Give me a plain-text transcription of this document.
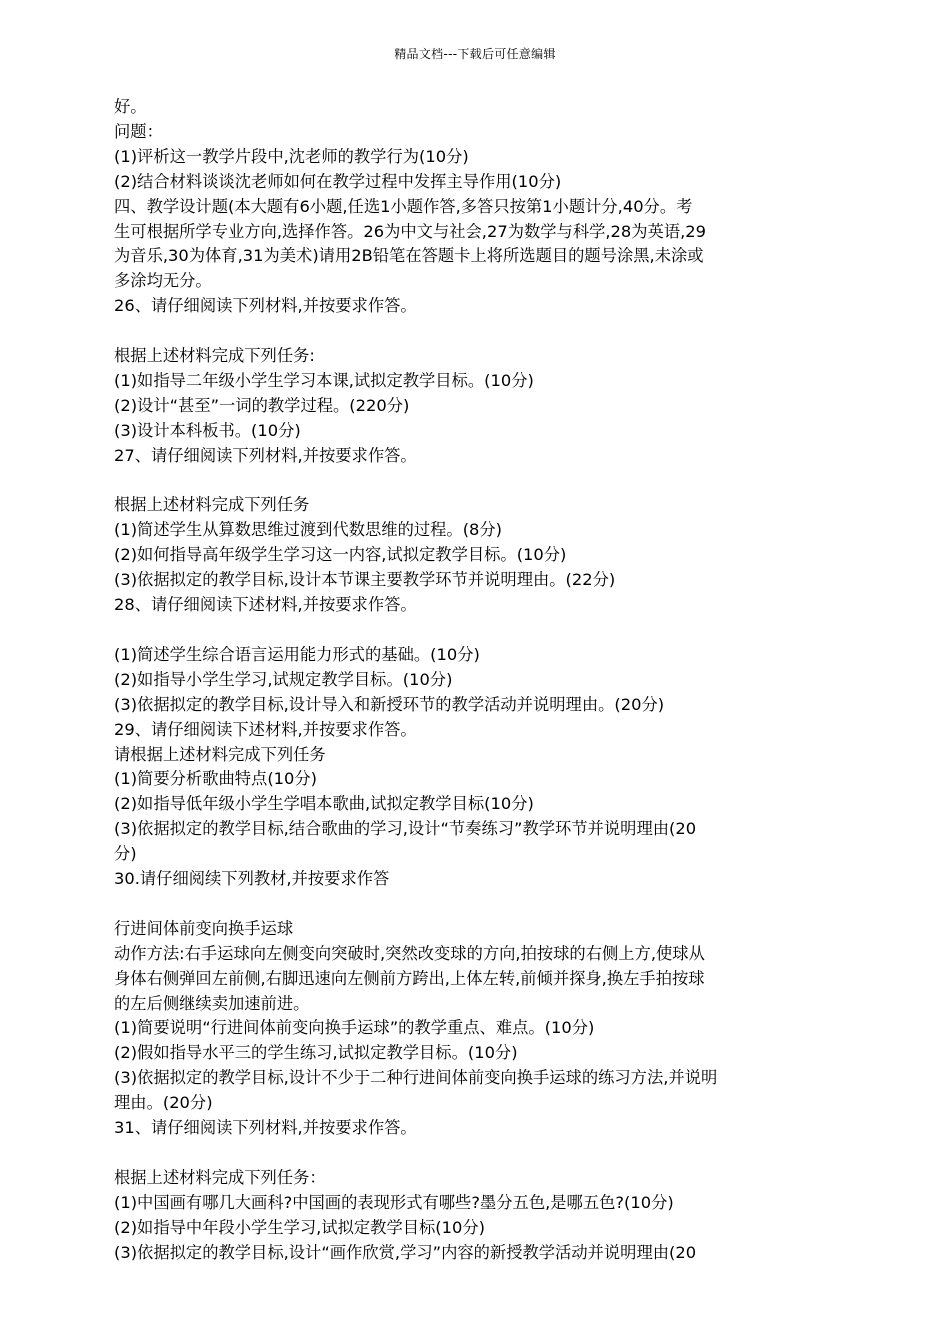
精品文档---下载后可任意编辑
好。
问题：
(1)评析这一教学片段中,沈老师的教学行为(10分)
(2)结合材料谈谈沈老师如何在教学过程中发挥主导作用(10分)
四、教学设计题(本大题有6小题,任选1小题作答,多答只按第1小题计分,40分。考
生可根据所学专业方向,选择作答。26为中文与社会,27为数学与科学,28为英语,29
为音乐,30为体育,31为美术)请用2B铅笔在答题卡上将所选题目的题号涂黑,未涂或
多涂均无分。
26、请仔细阅读下列材料,并按要求作答。
根据上述材料完成下列任务:
(1)如指导二年级小学生学习本课,试拟定教学目标。(10分)
(2)设计“甚至”一词的教学过程。(220分)
(3)设计本科板书。(10分)
27、请仔细阅读下列材料,并按要求作答。
根据上述材料完成下列任务
(1)简述学生从算数思维过渡到代数思维的过程。(8分)
(2)如何指导高年级学生学习这一内容,试拟定教学目标。(10分)
(3)依据拟定的教学目标,设计本节课主要教学环节并说明理由。(22分)
28、请仔细阅读下述材料,并按要求作答。
(1)简述学生综合语言运用能力形式的基础。(10分)
(2)如指导小学生学习,试规定教学目标。(10分)
(3)依据拟定的教学目标,设计导入和新授环节的教学活动并说明理由。(20分)
29、请仔细阅读下述材料,并按要求作答。
请根据上述材料完成下列任务
(1)简要分析歌曲特点(10分)
(2)如指导低年级小学生学唱本歌曲,试拟定教学目标(10分)
(3)依据拟定的教学目标,结合歌曲的学习,设计“节奏练习”教学环节并说明理由(20
分)
30.请仔细阅续下列教材,并按要求作答
行进间体前变向换手运球
动作方法:右手运球向左侧变向突破时,突然改变球的方向,拍按球的右侧上方,使球从
身体右侧弹回左前侧,右脚迅速向左侧前方跨出,上体左转,前倾并探身,换左手拍按球
的左后侧继续卖加速前进。
(1)简要说明“行进间体前变向换手运球”的教学重点、难点。(10分)
(2)假如指导水平三的学生练习,试拟定教学目标。(10分)
(3)依据拟定的教学目标,设计不少于二种行进间体前变向换手运球的练习方法,并说明
理由。(20分)
31、请仔细阅读下列材料,并按要求作答。
根据上述材料完成下列任务：
(1)中国画有哪几大画科?中国画的表现形式有哪些?墨分五色,是哪五色?(10分)
(2)如指导中年段小学生学习,试拟定教学目标(10分)
(3)依据拟定的教学目标,设计“画作欣赏,学习”内容的新授教学活动并说明理由(20
